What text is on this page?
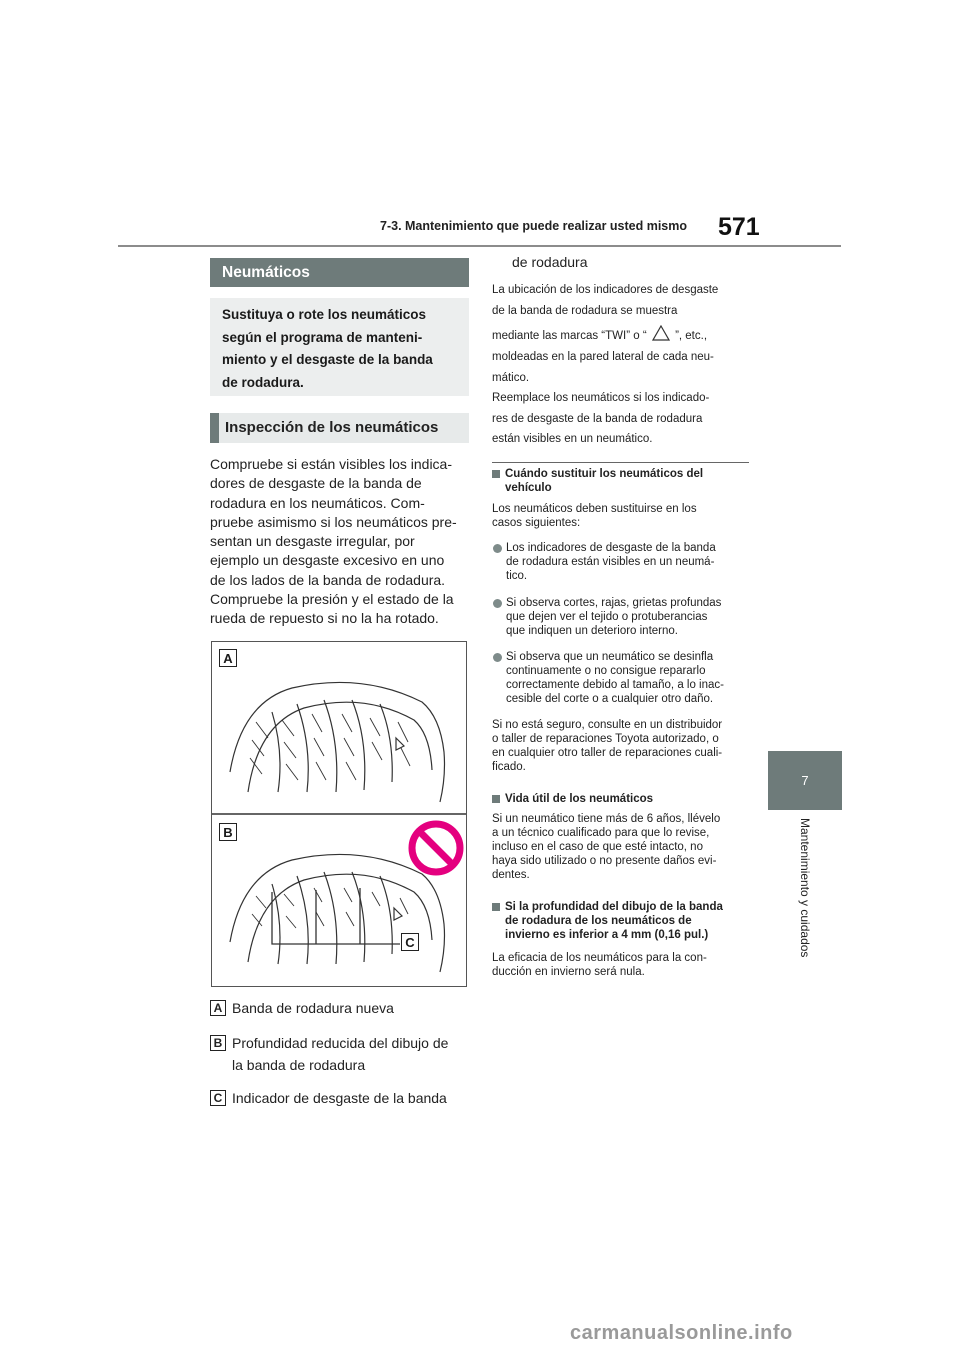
7-3. Mantenimiento que puede realizar usted mismo 571
7
Mantenimiento y cuidados
Neumáticos
Sustituya o rote los neumáticos
según el programa de manteni-
miento y el desgaste de la banda
de rodadura.
Inspección de los neumáticos
Compruebe si están visibles los indica-
dores de desgaste de la banda de
rodadura en los neumáticos. Com-
pruebe asimismo si los neumáticos pre-
sentan un desgaste irregular, por
ejemplo un desgaste excesivo en uno
de los lados de la banda de rodadura.
Compruebe la presión y el estado de la
rueda de repuesto si no la ha rotado.
A
B
C
A Banda de rodadura nueva
B Profundidad reducida del dibujo de
la banda de rodadura
C Indicador de desgaste de la banda
de rodadura
La ubicación de los indicadores de desgaste
de la banda de rodadura se muestra
mediante las marcas “TWI” o “ ”, etc.,
moldeadas en la pared lateral de cada neu-
mático.
Reemplace los neumáticos si los indicado-
res de desgaste de la banda de rodadura
están visibles en un neumático.
Cuándo sustituir los neumáticos del
vehículo
Los neumáticos deben sustituirse en los
casos siguientes:
Los indicadores de desgaste de la banda
de rodadura están visibles en un neumá-
tico.
Si observa cortes, rajas, grietas profundas
que dejen ver el tejido o protuberancias
que indiquen un deterioro interno.
Si observa que un neumático se desinfla
continuamente o no consigue repararlo
correctamente debido al tamaño, a lo inac-
cesible del corte o a cualquier otro daño.
Si no está seguro, consulte en un distribuidor
o taller de reparaciones Toyota autorizado, o
en cualquier otro taller de reparaciones cuali-
ficado.
Vida útil de los neumáticos
Si un neumático tiene más de 6 años, llévelo
a un técnico cualificado para que lo revise,
incluso en el caso de que esté intacto, no
haya sido utilizado o no presente daños evi-
dentes.
Si la profundidad del dibujo de la banda
de rodadura de los neumáticos de
invierno es inferior a 4 mm (0,16 pul.)
La eficacia de los neumáticos para la con-
ducción en invierno será nula.
carmanualsonline.info
